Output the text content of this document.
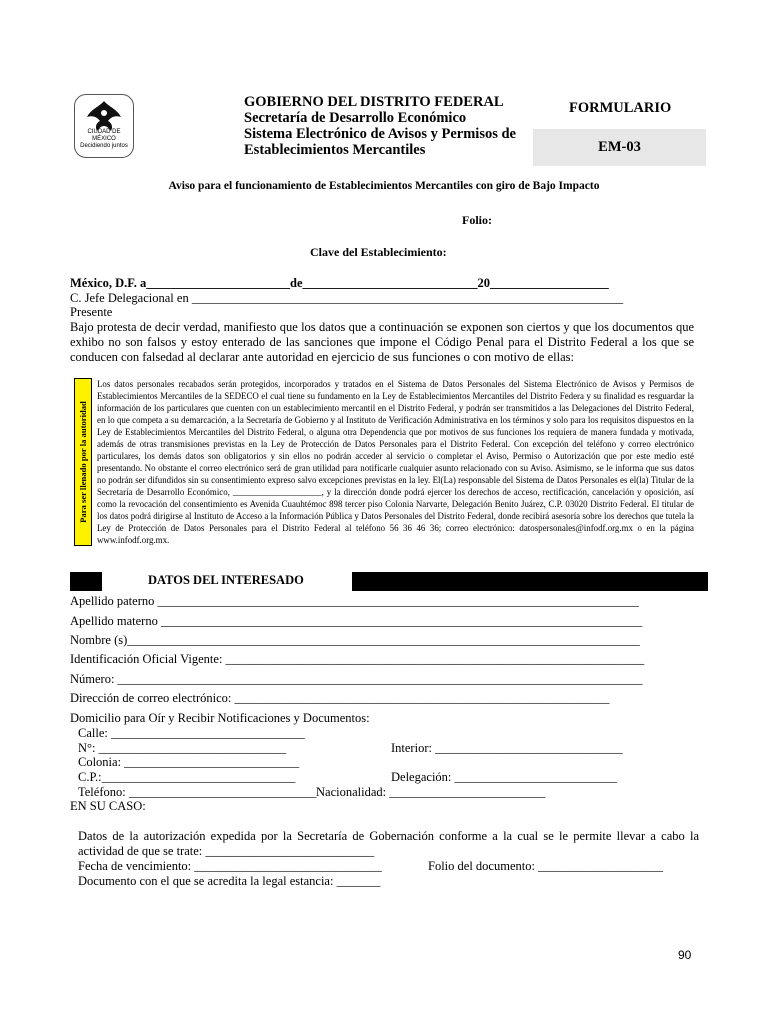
CIUDAD DE MÉXICO
Decidiendo juntos
GOBIERNO DEL DISTRITO FEDERAL
Secretaría de Desarrollo Económico
Sistema Electrónico de Avisos y Permisos de
Establecimientos Mercantiles
FORMULARIO
EM-03
Aviso para el funcionamiento de Establecimientos Mercantiles con giro de Bajo Impacto
Folio:
Clave del Establecimiento:
México, D.F. a_______________________de____________________________20___________________
C. Jefe Delegacional en _____________________________________________________________________
Presente
Bajo protesta de decir verdad, manifiesto que los datos que a continuación se exponen son ciertos y que los documentos que exhibo no son falsos y estoy enterado de las sanciones que impone el Código Penal para el Distrito Federal a los que se conducen con falsedad al declarar ante autoridad en ejercicio de sus funciones o con motivo de ellas:
Para ser llenado por la autoridad
Los datos personales recabados serán protegidos, incorporados y tratados en el Sistema de Datos Personales del Sistema Electrónico de Avisos y Permisos de Establecimientos Mercantiles de la SEDECO el cual tiene su fundamento en la Ley de Establecimientos Mercantiles del Distrito Federa y su finalidad es resguardar la información de los particulares que cuenten con un establecimiento mercantil en el Distrito Federal, y podrán ser transmitidos a las Delegaciones del Distrito Federal, en lo que competa a su demarcación, a la Secretaría de Gobierno y al Instituto de Verificación Administrativa en los términos y solo para los requisitos dispuestos en la Ley de Establecimientos Mercantiles del Distrito Federal, o alguna otra Dependencia que por motivos de sus funciones los requiera de manera fundada y motivada, además de otras transmisiones previstas en la Ley de Protección de Datos Personales para el Distrito Federal. Con excepción del teléfono y correo electrónico particulares, los demás datos son obligatorios y sin ellos no podrán acceder al servicio o completar el Aviso, Permiso o Autorización que por este medio esté presentando. No obstante el correo electrónico será de gran utilidad para notificarle cualquier asunto relacionado con su Aviso. Asimismo, se le informa que sus datos no podrán ser difundidos sin su consentimiento expreso salvo excepciones previstas en la ley. El(La) responsable del Sistema de Datos Personales es el(la) Titular de la Secretaría de Desarrollo Económico, ____________________, y la dirección donde podrá ejercer los derechos de acceso, rectificación, cancelación y oposición, así como la revocación del consentimiento es Avenida Cuauhtémoc 898 tercer piso Colonia Narvarte, Delegación Benito Juárez, C.P. 03020 Distrito Federal. El titular de los datos podrá dirigirse al Instituto de Acceso a la Información Pública y Datos Personales del Distrito Federal, donde recibirá asesoría sobre los derechos que tutela la Ley de Protección de Datos Personales para el Distrito Federal al teléfono 56 36 46 36; correo electrónico: datospersonales@infodf.org.mx o en la página www.infodf.org.mx.
DATOS DEL INTERESADO
Apellido paterno _____________________________________________________________________________
Apellido materno _____________________________________________________________________________
Nombre (s)__________________________________________________________________________________
Identificación Oficial Vigente: ___________________________________________________________________
Número: ____________________________________________________________________________________
Dirección de correo electrónico: ____________________________________________________________
Domicilio para Oír y Recibir Notificaciones y Documentos:
Calle: _______________________________
N°: ______________________________	Interior: ______________________________
Colonia: ____________________________
C.P.:_______________________________	Delegación: __________________________
Teléfono: ______________________________ Nacionalidad: _________________________
EN SU CASO:
Datos de la autorización expedida por la Secretaría de Gobernación conforme a la cual se le permite llevar a cabo la actividad de que se trate: ___________________________
Fecha de vencimiento: ______________________________	Folio del documento: ____________________
Documento con el que se acredita la legal estancia: _______
90
